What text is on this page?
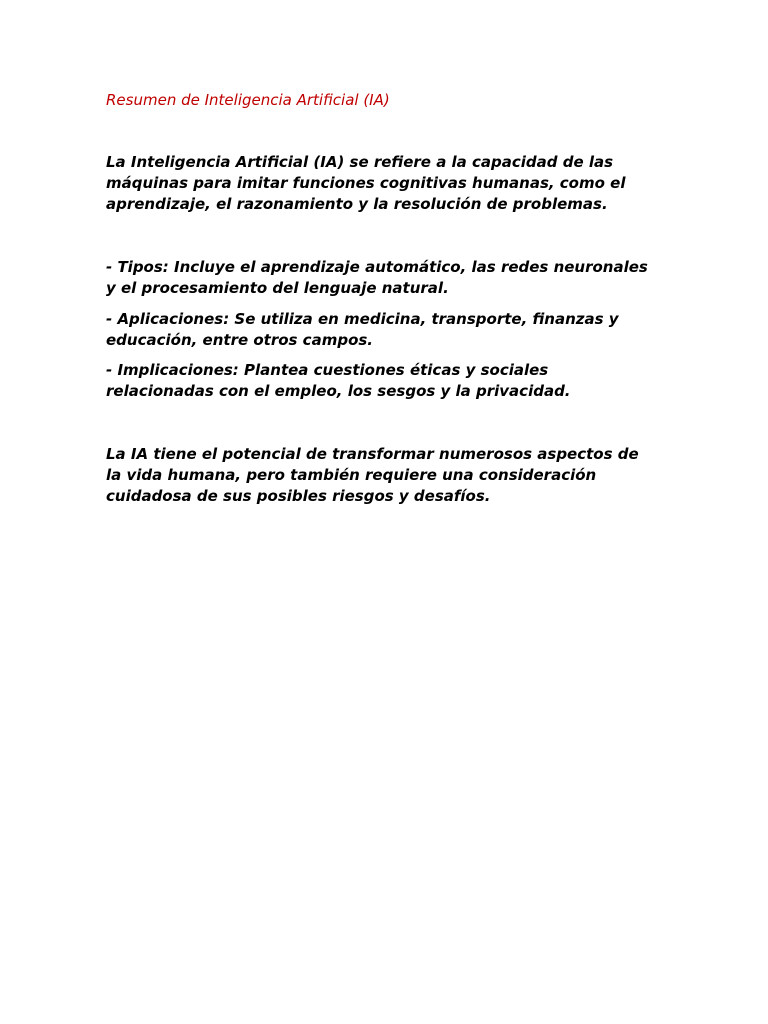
Resumen de Inteligencia Artificial (IA)

La Inteligencia Artificial (IA) se refiere a la capacidad de las
máquinas para imitar funciones cognitivas humanas, como el
aprendizaje, el razonamiento y la resolución de problemas.

- Tipos: Incluye el aprendizaje automático, las redes neuronales
y el procesamiento del lenguaje natural.

- Aplicaciones: Se utiliza en medicina, transporte, finanzas y
educación, entre otros campos.

- Implicaciones: Plantea cuestiones éticas y sociales
relacionadas con el empleo, los sesgos y la privacidad.

La IA tiene el potencial de transformar numerosos aspectos de
la vida humana, pero también requiere una consideración
cuidadosa de sus posibles riesgos y desafíos.
